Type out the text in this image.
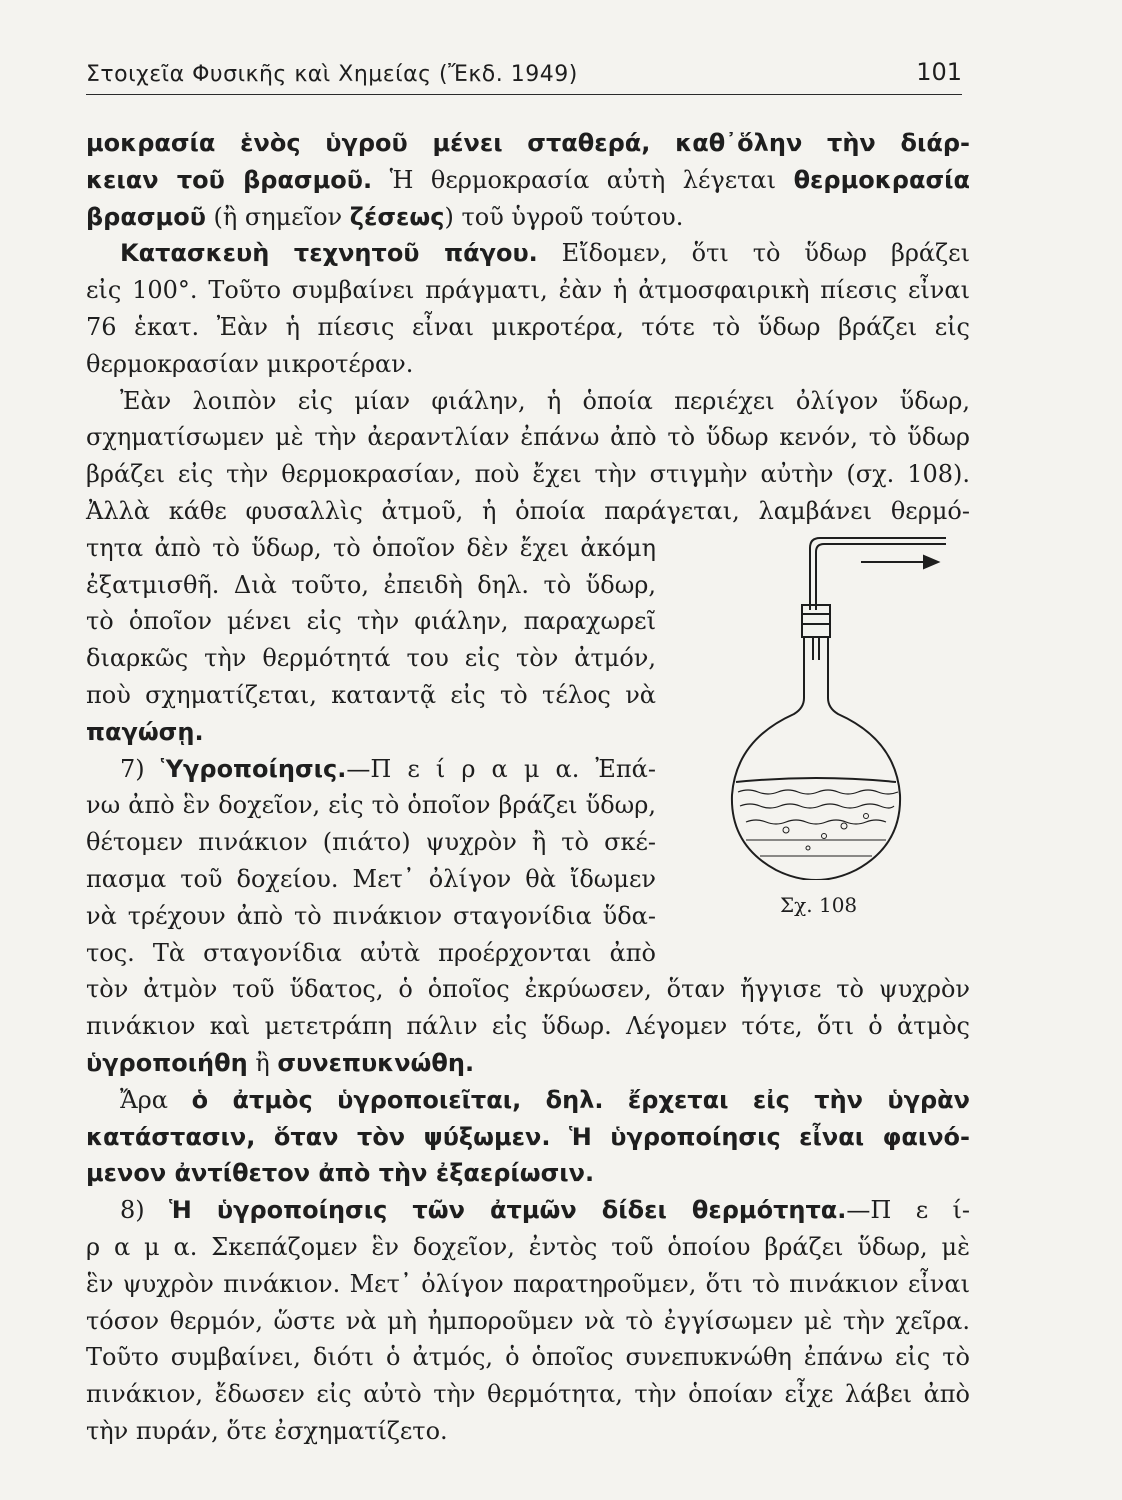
Στοιχεῖα Φυσικῆς καὶ Χημείας (Ἔκδ. 1949)	101
μοκρασία ἑνὸς ὑγροῦ μένει σταθερά, καθ᾽ὅλην τὴν διάρ-
κειαν τοῦ βρασμοῦ. Ἡ θερμοκρασία αὐτὴ λέγεται θερμοκρασία
βρασμοῦ (ἢ σημεῖον ζέσεως) τοῦ ὑγροῦ τούτου.
Κατασκευὴ τεχνητοῦ πάγου. Εἴδομεν, ὅτι τὸ ὕδωρ βράζει
εἰς 100°. Τοῦτο συμβαίνει πράγματι, ἐὰν ἡ ἀτμοσφαιρικὴ πίεσις εἶναι
76 ἑκατ. Ἐὰν ἡ πίεσις εἶναι μικροτέρα, τότε τὸ ὕδωρ βράζει εἰς
θερμοκρασίαν μικροτέραν.
Ἐὰν λοιπὸν εἰς μίαν φιάλην, ἡ ὁποία περιέχει ὀλίγον ὕδωρ,
σχηματίσωμεν μὲ τὴν ἀεραντλίαν ἐπάνω ἀπὸ τὸ ὕδωρ κενόν, τὸ ὕδωρ
βράζει εἰς τὴν θερμοκρασίαν, ποὺ ἔχει τὴν στιγμὴν αὐτὴν (σχ. 108).
Ἀλλὰ κάθε φυσαλλὶς ἀτμοῦ, ἡ ὁποία παράγεται, λαμβάνει θερμό-
τητα ἀπὸ τὸ ὕδωρ, τὸ ὁποῖον δὲν ἔχει ἀκόμη
ἐξατμισθῆ. Διὰ τοῦτο, ἐπειδὴ δηλ. τὸ ὕδωρ,
τὸ ὁποῖον μένει εἰς τὴν φιάλην, παραχωρεῖ
διαρκῶς τὴν θερμότητά του εἰς τὸν ἀτμόν,
ποὺ σχηματίζεται, καταντᾷ εἰς τὸ τέλος νὰ
παγώσῃ.
7) Ὑγροποίησις.—Π ε ί ρ α μ α. Ἐπά-
νω ἀπὸ ἓν δοχεῖον, εἰς τὸ ὁποῖον βράζει ὕδωρ,
θέτομεν πινάκιον (πιάτο) ψυχρὸν ἢ τὸ σκέ-
πασμα τοῦ δοχείου. Μετ᾽ ὀλίγον θὰ ἴδωμεν
νὰ τρέχουν ἀπὸ τὸ πινάκιον σταγονίδια ὕδα-
τος. Τὰ σταγονίδια αὐτὰ προέρχονται ἀπὸ
τὸν ἀτμὸν τοῦ ὕδατος, ὁ ὁποῖος ἐκρύωσεν, ὅταν ἤγγισε τὸ ψυχρὸν
πινάκιον καὶ μετετράπη πάλιν εἰς ὕδωρ. Λέγομεν τότε, ὅτι ὁ ἀτμὸς
ὑγροποιήθη ἢ συνεπυκνώθη.
Ἄρα ὁ ἀτμὸς ὑγροποιεῖται, δηλ. ἔρχεται εἰς τὴν ὑγρὰν
κατάστασιν, ὅταν τὸν ψύξωμεν. Ἡ ὑγροποίησις εἶναι φαινό-
μενον ἀντίθετον ἀπὸ τὴν ἐξαερίωσιν.
8) Ἡ ὑγροποίησις τῶν ἀτμῶν δίδει θερμότητα.—Π ε ί-
ρ α μ α. Σκεπάζομεν ἓν δοχεῖον, ἐντὸς τοῦ ὁποίου βράζει ὕδωρ, μὲ
ἓν ψυχρὸν πινάκιον. Μετ᾽ ὀλίγον παρατηροῦμεν, ὅτι τὸ πινάκιον εἶναι
τόσον θερμόν, ὥστε νὰ μὴ ἠμποροῦμεν νὰ τὸ ἐγγίσωμεν μὲ τὴν χεῖρα.
Τοῦτο συμβαίνει, διότι ὁ ἀτμός, ὁ ὁποῖος συνεπυκνώθη ἐπάνω εἰς τὸ
πινάκιον, ἔδωσεν εἰς αὐτὸ τὴν θερμότητα, τὴν ὁποίαν εἶχε λάβει ἀπὸ
τὴν πυράν, ὅτε ἐσχηματίζετο.
Σχ. 108
